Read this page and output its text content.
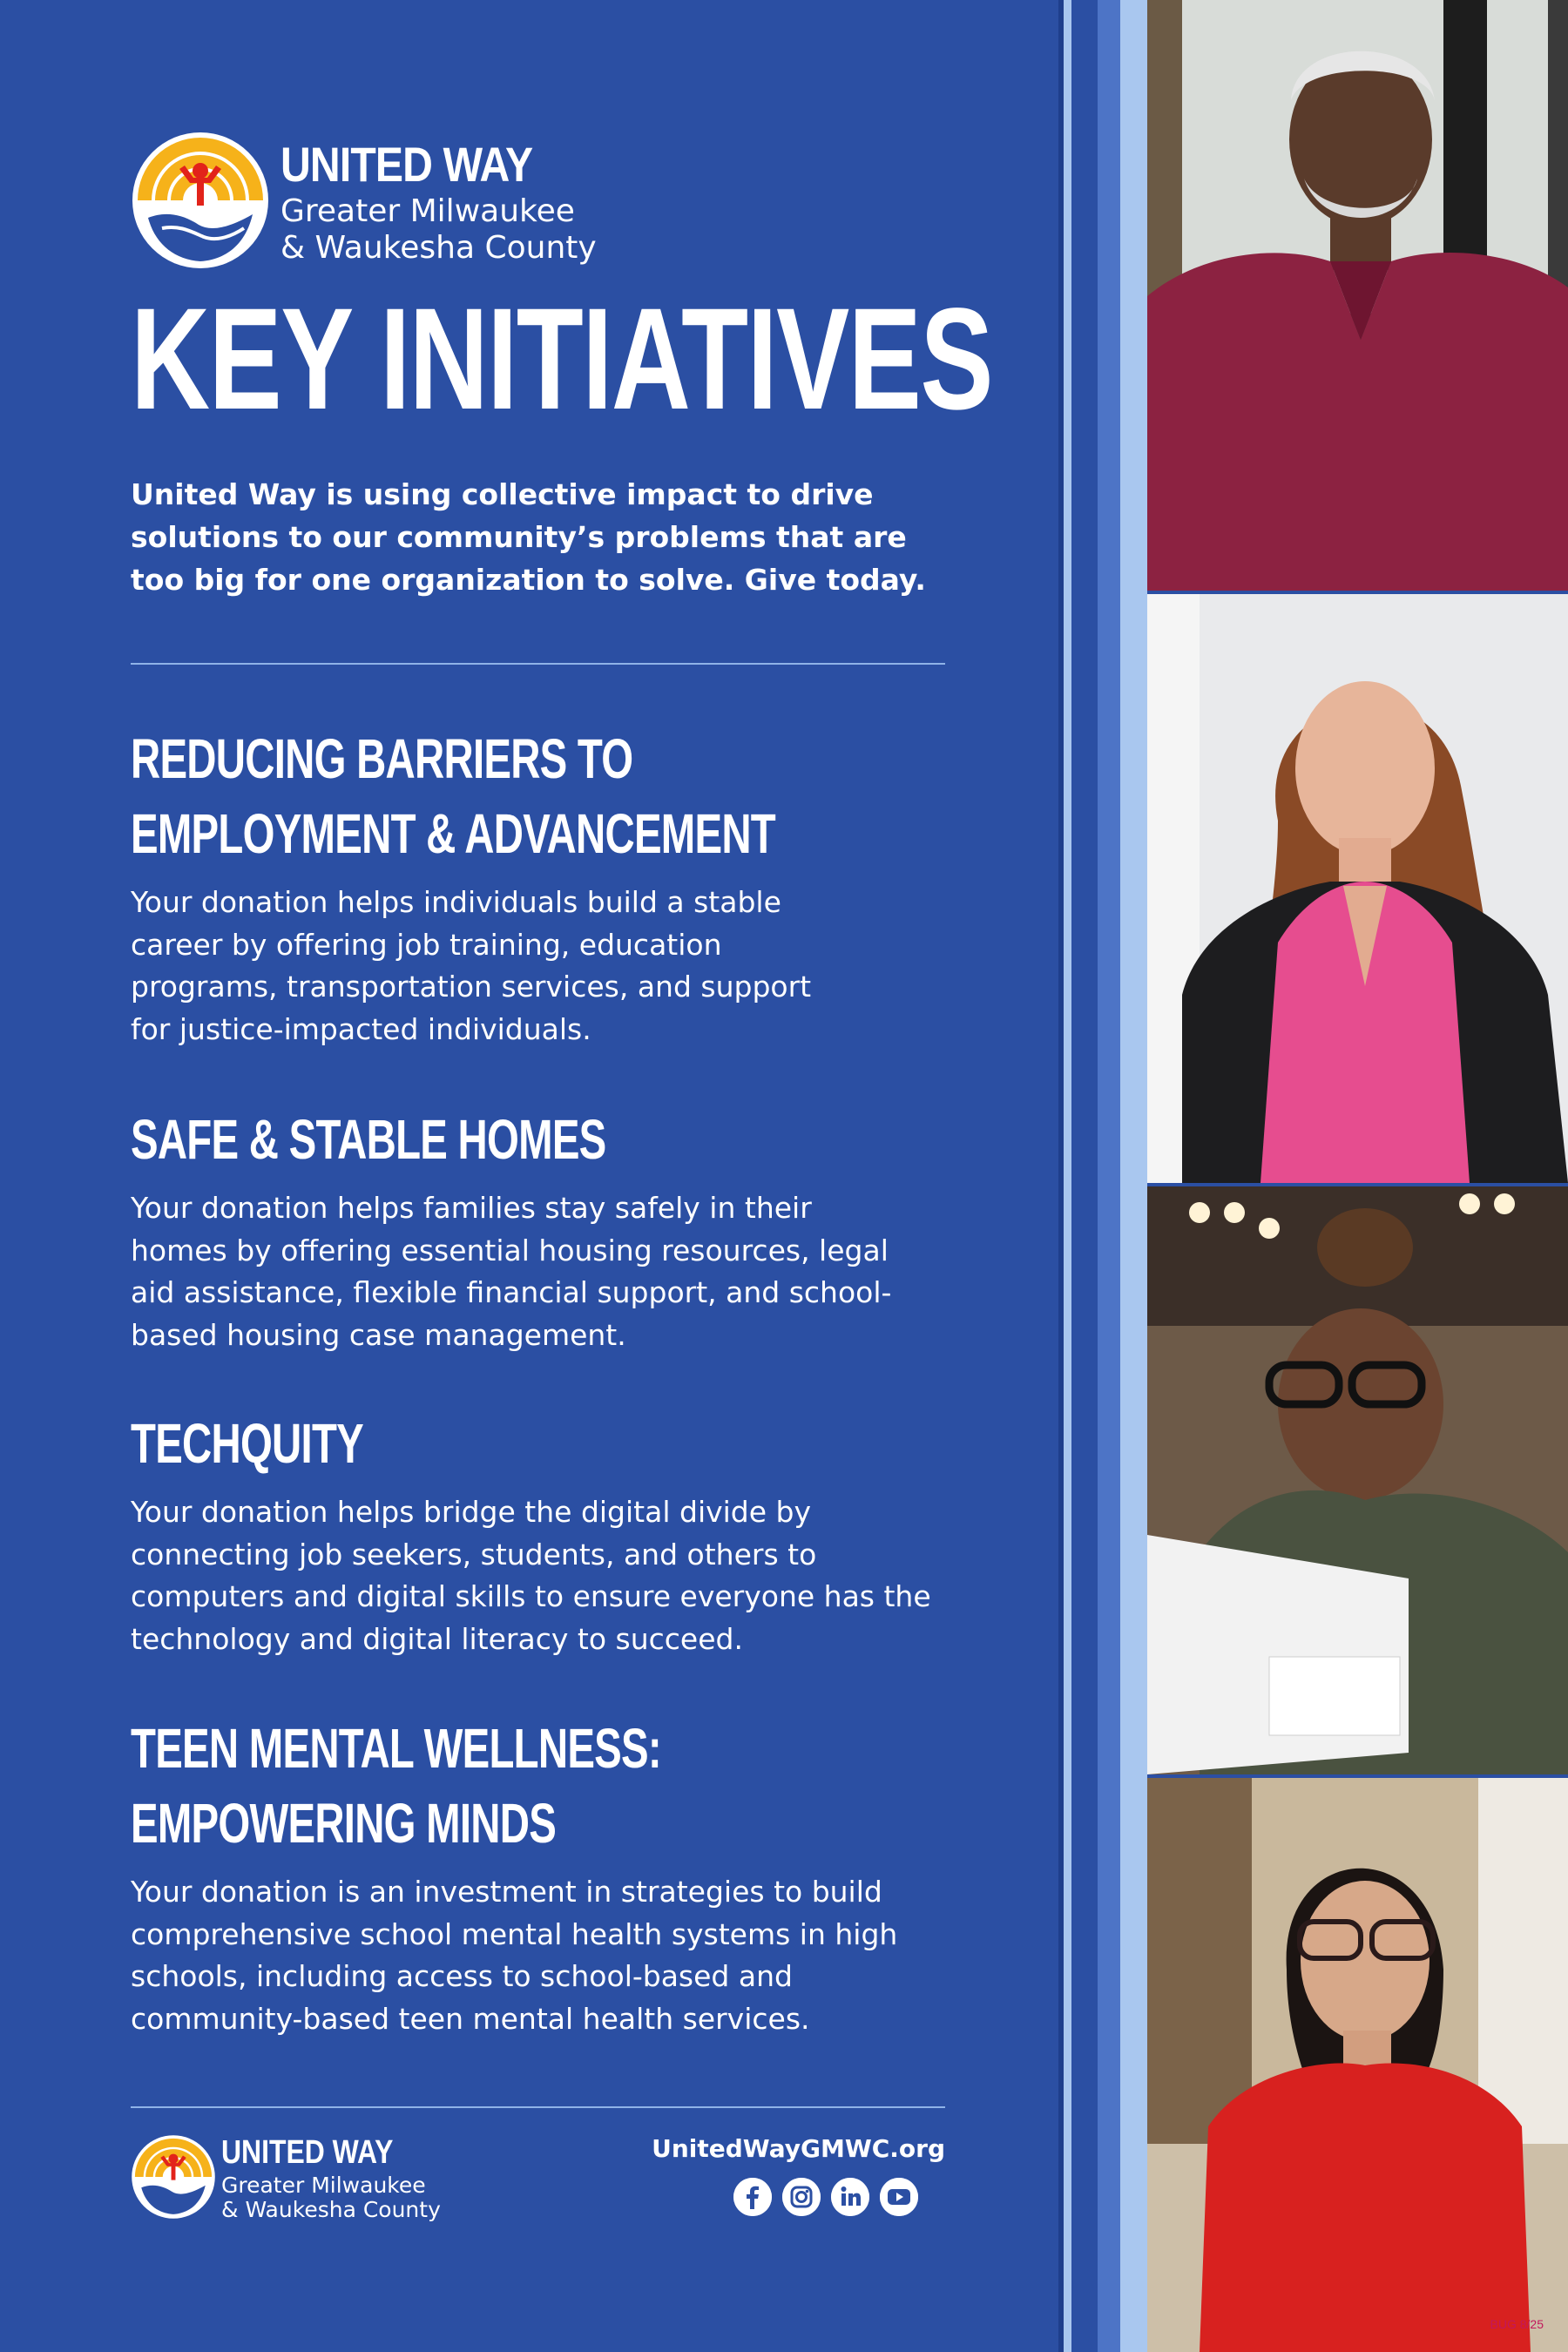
UNITED WAY
Greater Milwaukee
& Waukesha County
KEY INITIATIVES
United Way is using collective impact to drive solutions to our community’s problems that are too big for one organization to solve. Give today.
REDUCING BARRIERS TO
EMPLOYMENT & ADVANCEMENT

Your donation helps individuals build a stable career by offering job training, education programs, transportation services, and support for justice-impacted individuals.

SAFE & STABLE HOMES

Your donation helps families stay safely in their homes by offering essential housing resources, legal aid assistance, flexible financial support, and school-based housing case management.

TECHQUITY

Your donation helps bridge the digital divide by connecting job seekers, students, and others to computers and digital skills to ensure everyone has the technology and digital literacy to succeed.

TEEN MENTAL WELLNESS:
EMPOWERING MINDS

Your donation is an investment in strategies to build comprehensive school mental health systems in high schools, including access to school-based and community-based teen mental health services.

UNITED WAY
Greater Milwaukee
& Waukesha County
UnitedWayGMWC.org
BUG 8/25
